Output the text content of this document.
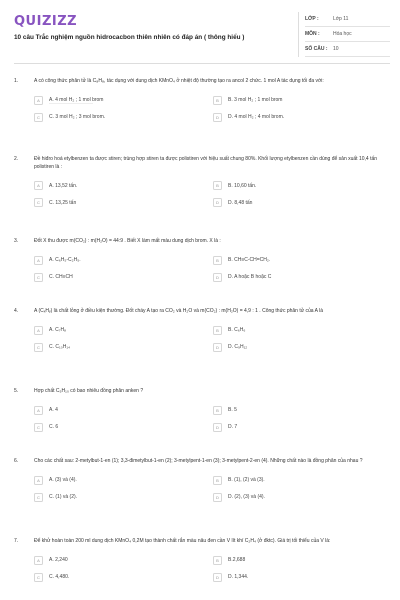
QUIZIZZ
10 câu Trắc nghiệm nguồn hidrocacbon thiên nhiên có đáp án ( thông hiểu )
LỚP :	Lớp 11
MÔN :	Hóa học
SỐ CÂU :	10
1.	A có công thức phân tử là C₈H₈, tác dụng với dung dịch KMnO₄ ở nhiệt độ thường tạo ra ancol 2 chức. 1 mol A tác dụng tối đa với:
A	A. 4 mol H₂ ; 1 mol brom	B	B. 3 mol H₂ ; 1 mol brom
C	C. 3 mol H₂ ; 3 mol brom.	D	D. 4 mol H₂ ; 4 mol brom.
2.	Đề hiđro hoá etylbenzen ta được stiren; trùng hợp stiren ta được polistiren với hiệu suất chung 80%. Khối lượng etylbenzen cần dùng để sản xuất 10,4 tấn polistiren là :
A	A. 13,52 tấn.	B	B. 10,60 tấn.
C	C. 13,25 tấn	D	D. 8,48 tấn
3.	Đốt X thu được m(CO₂) : m(H₂O) = 44:9 . Biết X làm mất màu dung dịch brom. X là :
A	A. C₆H₅-C₂H₅.	B	B. CH≡C-CH=CH₂.
C	C. CH≡CH	D	D. A hoặc B hoặc C
4.	A (CₓHᵧ) là chất lỏng ở điều kiện thường. Đốt cháy A tạo ra CO₂ và H₂O và m(CO₂) : m(H₂O) = 4,9 : 1 . Công thức phân tử của A là
A	A. C₇H₈	B	B. C₆H₆
C	C. C₁₀H₁₄	D	D. C₉H₁₂
5.	Hợp chất C₅H₁₀ có bao nhiêu đồng phân anken ?
A	A. 4	B	B. 5
C	C. 6	D	D. 7
6.	Cho các chất sau: 2-metylbut-1-en (1); 3,3-đimetylbut-1-en (2); 3-metylpent-1-en (3); 3-metylpent-2-en (4). Những chất nào là đồng phân của nhau ?
A	A. (3) và (4).	B	B. (1), (2) và (3).
C	C. (1) và (2).	D	D. (2), (3) và (4).
7.	Để khử hoàn toàn 200 ml dung dịch KMnO₄ 0,2M tạo thành chất rắn màu nâu đen cần V lít khí C₂H₄ (ở đktc). Giá trị tối thiểu của V là:
A	A. 2,240	B	B.2,688
C	C. 4,480.	D	D. 1,344.
